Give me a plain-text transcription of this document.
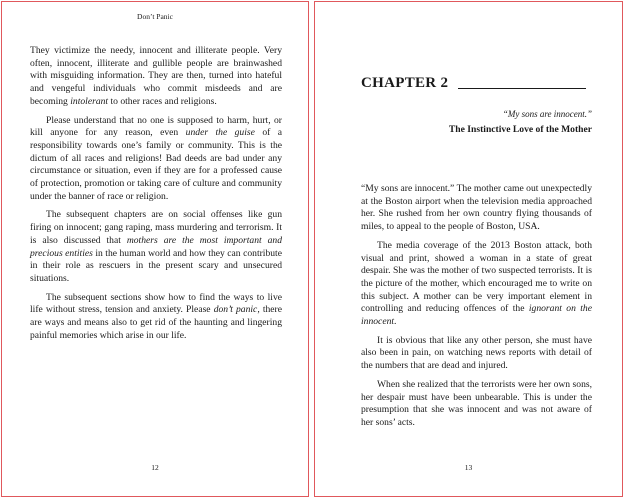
Don’t Panic

They victimize the needy, innocent and illiterate people. Very often, innocent, illiterate and gullible people are brainwashed with misguiding information. They are then, turned into hateful and vengeful individuals who commit misdeeds and are becoming intolerant to other races and religions.

Please understand that no one is supposed to harm, hurt, or kill anyone for any reason, even under the guise of a responsibility towards one’s family or community. This is the dictum of all races and religions! Bad deeds are bad under any circumstance or situation, even if they are for a professed cause of protection, promotion or taking care of culture and community under the banner of race or religion.

The subsequent chapters are on social offenses like gun firing on innocent; gang raping, mass murdering and terrorism. It is also discussed that mothers are the most important and precious entities in the human world and how they can contribute in their role as rescuers in the present scary and unsecured situations.

The subsequent sections show how to find the ways to live life without stress, tension and anxiety. Please don’t panic, there are ways and means also to get rid of the haunting and lingering painful memories which arise in our life.

12
CHAPTER 2
“My sons are innocent.”
The Instinctive Love of the Mother

“My sons are innocent.” The mother came out unexpectedly at the Boston airport when the television media approached her. She rushed from her own country flying thousands of miles, to appeal to the people of Boston, USA.

The media coverage of the 2013 Boston attack, both visual and print, showed a woman in a state of great despair. She was the mother of two suspected terrorists. It is the picture of the mother, which encouraged me to write on this subject. A mother can be very important element in controlling and reducing offences of the ignorant on the innocent.

It is obvious that like any other person, she must have also been in pain, on watching news reports with detail of the numbers that are dead and injured.

When she realized that the terrorists were her own sons, her despair must have been unbearable. This is under the presumption that she was innocent and was not aware of her sons’ acts.

13
